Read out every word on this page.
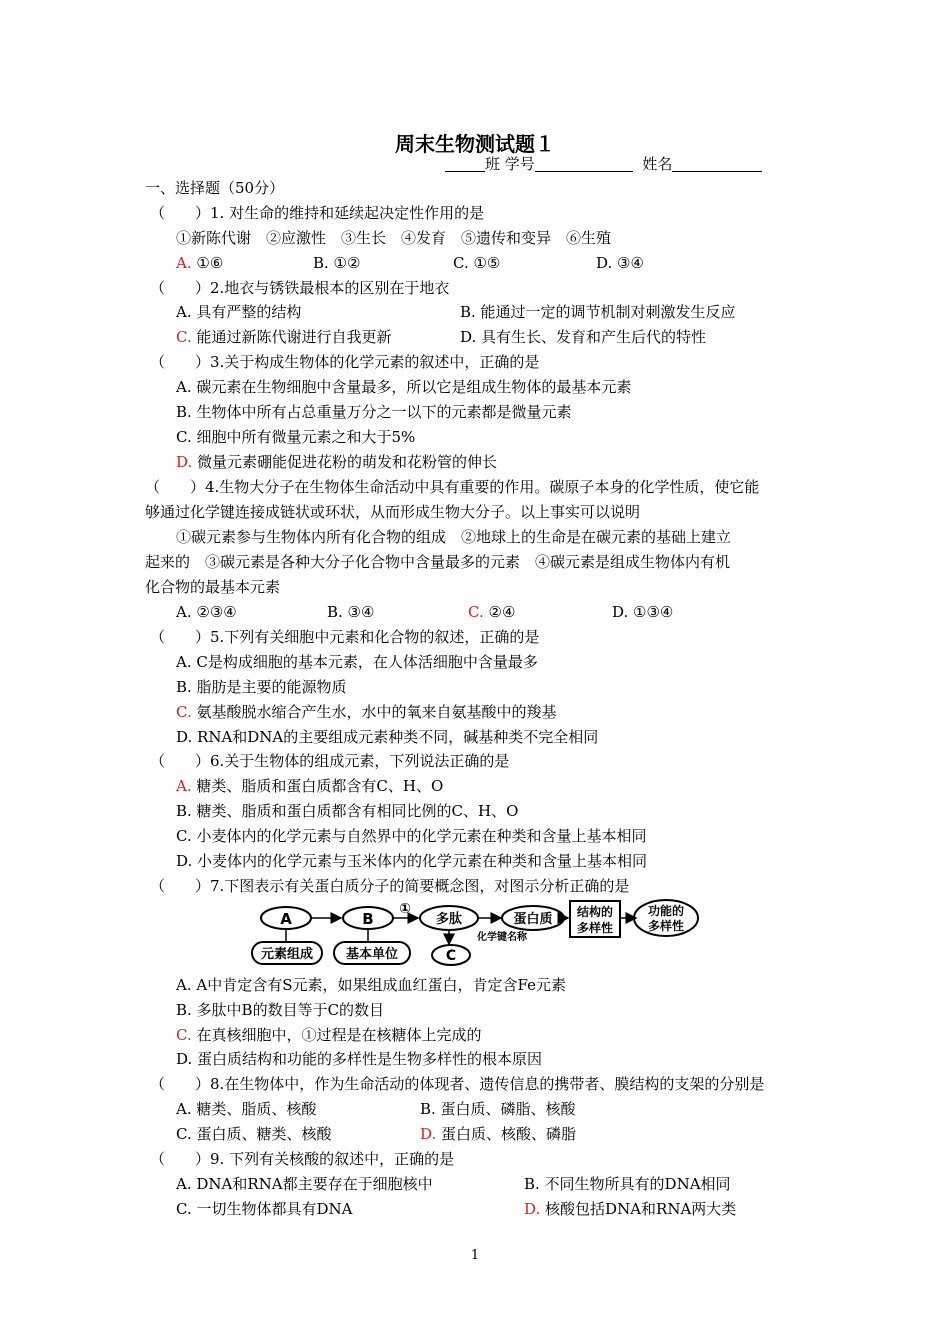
周末生物测试题１
班 学号	姓名
一、选择题（50分）
（　　）1. 对生命的维持和延续起决定性作用的是
①新陈代谢　②应激性　③生长　④发育　⑤遗传和变异　⑥生殖
A. ①⑥	B. ①②	C. ①⑤	D. ③④
（　　）2.地衣与锈铁最根本的区别在于地衣
A. 具有严整的结构	B. 能通过一定的调节机制对刺激发生反应
C. 能通过新陈代谢进行自我更新	D. 具有生长、发育和产生后代的特性
（　　）3.关于构成生物体的化学元素的叙述中，正确的是
A. 碳元素在生物细胞中含量最多，所以它是组成生物体的最基本元素
B. 生物体中所有占总重量万分之一以下的元素都是微量元素
C. 细胞中所有微量元素之和大于5%
D. 微量元素硼能促进花粉的萌发和花粉管的伸长
（　　）4.生物大分子在生物体生命活动中具有重要的作用。碳原子本身的化学性质，使它能
够通过化学键连接成链状或环状，从而形成生物大分子。以上事实可以说明
①碳元素参与生物体内所有化合物的组成　②地球上的生命是在碳元素的基础上建立
起来的　③碳元素是各种大分子化合物中含量最多的元素　④碳元素是组成生物体内有机
化合物的最基本元素
A. ②③④	B. ③④	C. ②④	D. ①③④
（　　）5.下列有关细胞中元素和化合物的叙述，正确的是
A. C是构成细胞的基本元素，在人体活细胞中含量最多
B. 脂肪是主要的能源物质
C. 氨基酸脱水缩合产生水，水中的氧来自氨基酸中的羧基
D. RNA和DNA的主要组成元素种类不同，碱基种类不完全相同
（　　）6.关于生物体的组成元素，下列说法正确的是
A. 糖类、脂质和蛋白质都含有C、H、O
B. 糖类、脂质和蛋白质都含有相同比例的C、H、O
C. 小麦体内的化学元素与自然界中的化学元素在种类和含量上基本相同
D. 小麦体内的化学元素与玉米体内的化学元素在种类和含量上基本相同
（　　）7.下图表示有关蛋白质分子的简要概念图，对图示分析正确的是
A	B
①
多肽	蛋白质 结构的
多样性
功能的
多样性
元素组成	基本单位
化学键名称
C
A. A中肯定含有S元素，如果组成血红蛋白，肯定含Fe元素
B. 多肽中B的数目等于C的数目
C. 在真核细胞中，①过程是在核糖体上完成的
D. 蛋白质结构和功能的多样性是生物多样性的根本原因
（　　）8.在生物体中，作为生命活动的体现者、遗传信息的携带者、膜结构的支架的分别是
A. 糖类、脂质、核酸	B. 蛋白质、磷脂、核酸
C. 蛋白质、糖类、核酸	D. 蛋白质、核酸、磷脂
（　　）9. 下列有关核酸的叙述中，正确的是
A. DNA和RNA都主要存在于细胞核中	B. 不同生物所具有的DNA相同
C. 一切生物体都具有DNA	D. 核酸包括DNA和RNA两大类
1
